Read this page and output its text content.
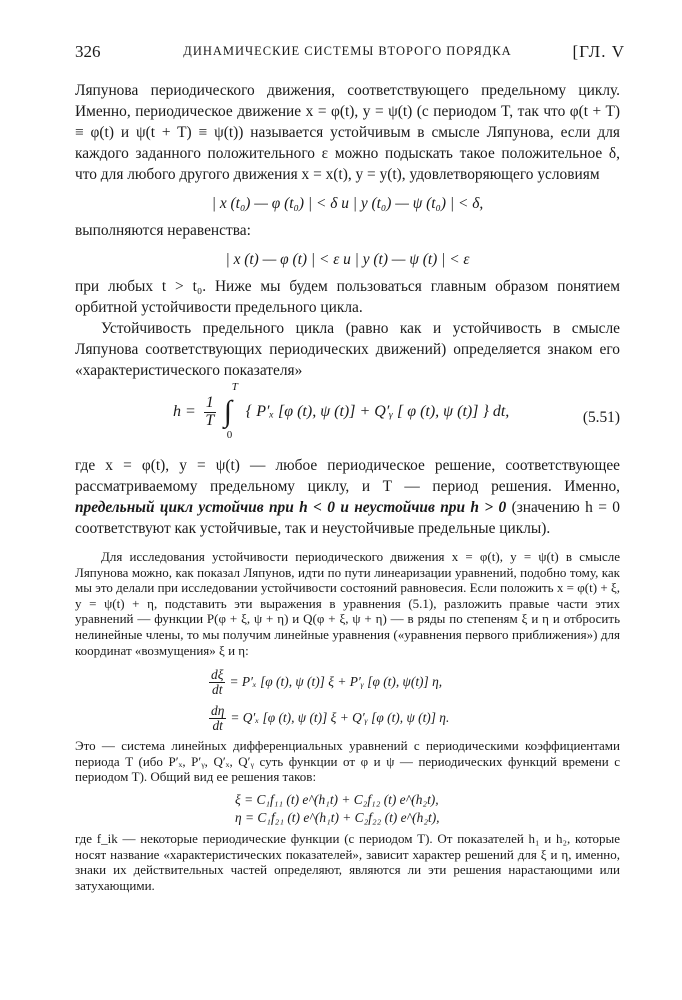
326	ДИНАМИЧЕСКИЕ СИСТЕМЫ ВТОРОГО ПОРЯДКА	[ГЛ. V

Ляпунова периодического движения, соответствующего предельному циклу. Именно, периодическое движение x = φ(t), y = ψ(t) (с периодом T, так что φ(t + T) ≡ φ(t) и ψ(t + T) ≡ ψ(t)) называется устойчивым в смысле Ляпунова, если для каждого заданного положительного ε можно подыскать такое положительное δ, что для любого другого движения x = x(t), y = y(t), удовлетворяющего условиям

| x (t₀) — φ (t₀) | < δ и | y (t₀) — ψ (t₀) | < δ,

выполняются неравенства:

| x (t) — φ (t) | < ε и | y (t) — ψ (t) | < ε

при любых t > t₀. Ниже мы будем пользоваться главным образом понятием орбитной устойчивости предельного цикла.

Устойчивость предельного цикла (равно как и устойчивость в смысле Ляпунова соответствующих периодических движений) определяется знаком его «характеристического показателя»

$h = \frac{1}{T}$ ∫
T
0
{ P′ₓ [φ (t), ψ (t)] + Q′ᵧ [ φ (t), ψ (t)] } dt,	(5.51)

где x = φ(t), y = ψ(t) — любое периодическое решение, соответствующее рассматриваемому предельному циклу, и T — период решения. Именно, предельный цикл устойчив при h < 0 и неустойчив при h > 0 (значению h = 0 соответствуют как устойчивые, так и неустойчивые предельные циклы).

Для исследования устойчивости периодического движения x = φ(t), y = ψ(t) в смысле Ляпунова можно, как показал Ляпунов, идти по пути линеаризации уравнений, подобно тому, как мы это делали при исследовании устойчивости состояний равновесия. Если положить x = φ(t) + ξ, y = ψ(t) + η, подставить эти выражения в уравнения (5.1), разложить правые части этих уравнений — функции P(φ + ξ, ψ + η) и Q(φ + ξ, ψ + η) — в ряды по степеням ξ и η и отбросить нелинейные члены, то мы получим линейные уравнения («уравнения первого приближения») для координат «возмущения» ξ и η:

$\frac{d\xi}{dt} = P'_x$ [φ (t), ψ (t)] ξ + P′ᵧ [φ (t), ψ(t)] η,
$\frac{d\eta}{dt} = Q'_x$ [φ (t), ψ (t)] ξ + Q′ᵧ [φ (t), ψ (t)] η.

Это — система линейных дифференциальных уравнений с периодическими коэффициентами периода T (ибо P′ₓ, P′ᵧ, Q′ₓ, Q′ᵧ суть функции от φ и ψ — периодических функций времени с периодом T). Общий вид ее решения таков:

ξ = C₁f₁₁ (t) e^(h₁t) + C₂f₁₂ (t) e^(h₂t),

η = C₁f₂₁ (t) e^(h₁t) + C₂f₂₂ (t) e^(h₂t),

где f_ik — некоторые периодические функции (с периодом T). От показателей h₁ и h₂, которые носят название «характеристических показателей», зависит характер решений для ξ и η, именно, знаки их действительных частей определяют, являются ли эти решения нарастающими или затухающими.
